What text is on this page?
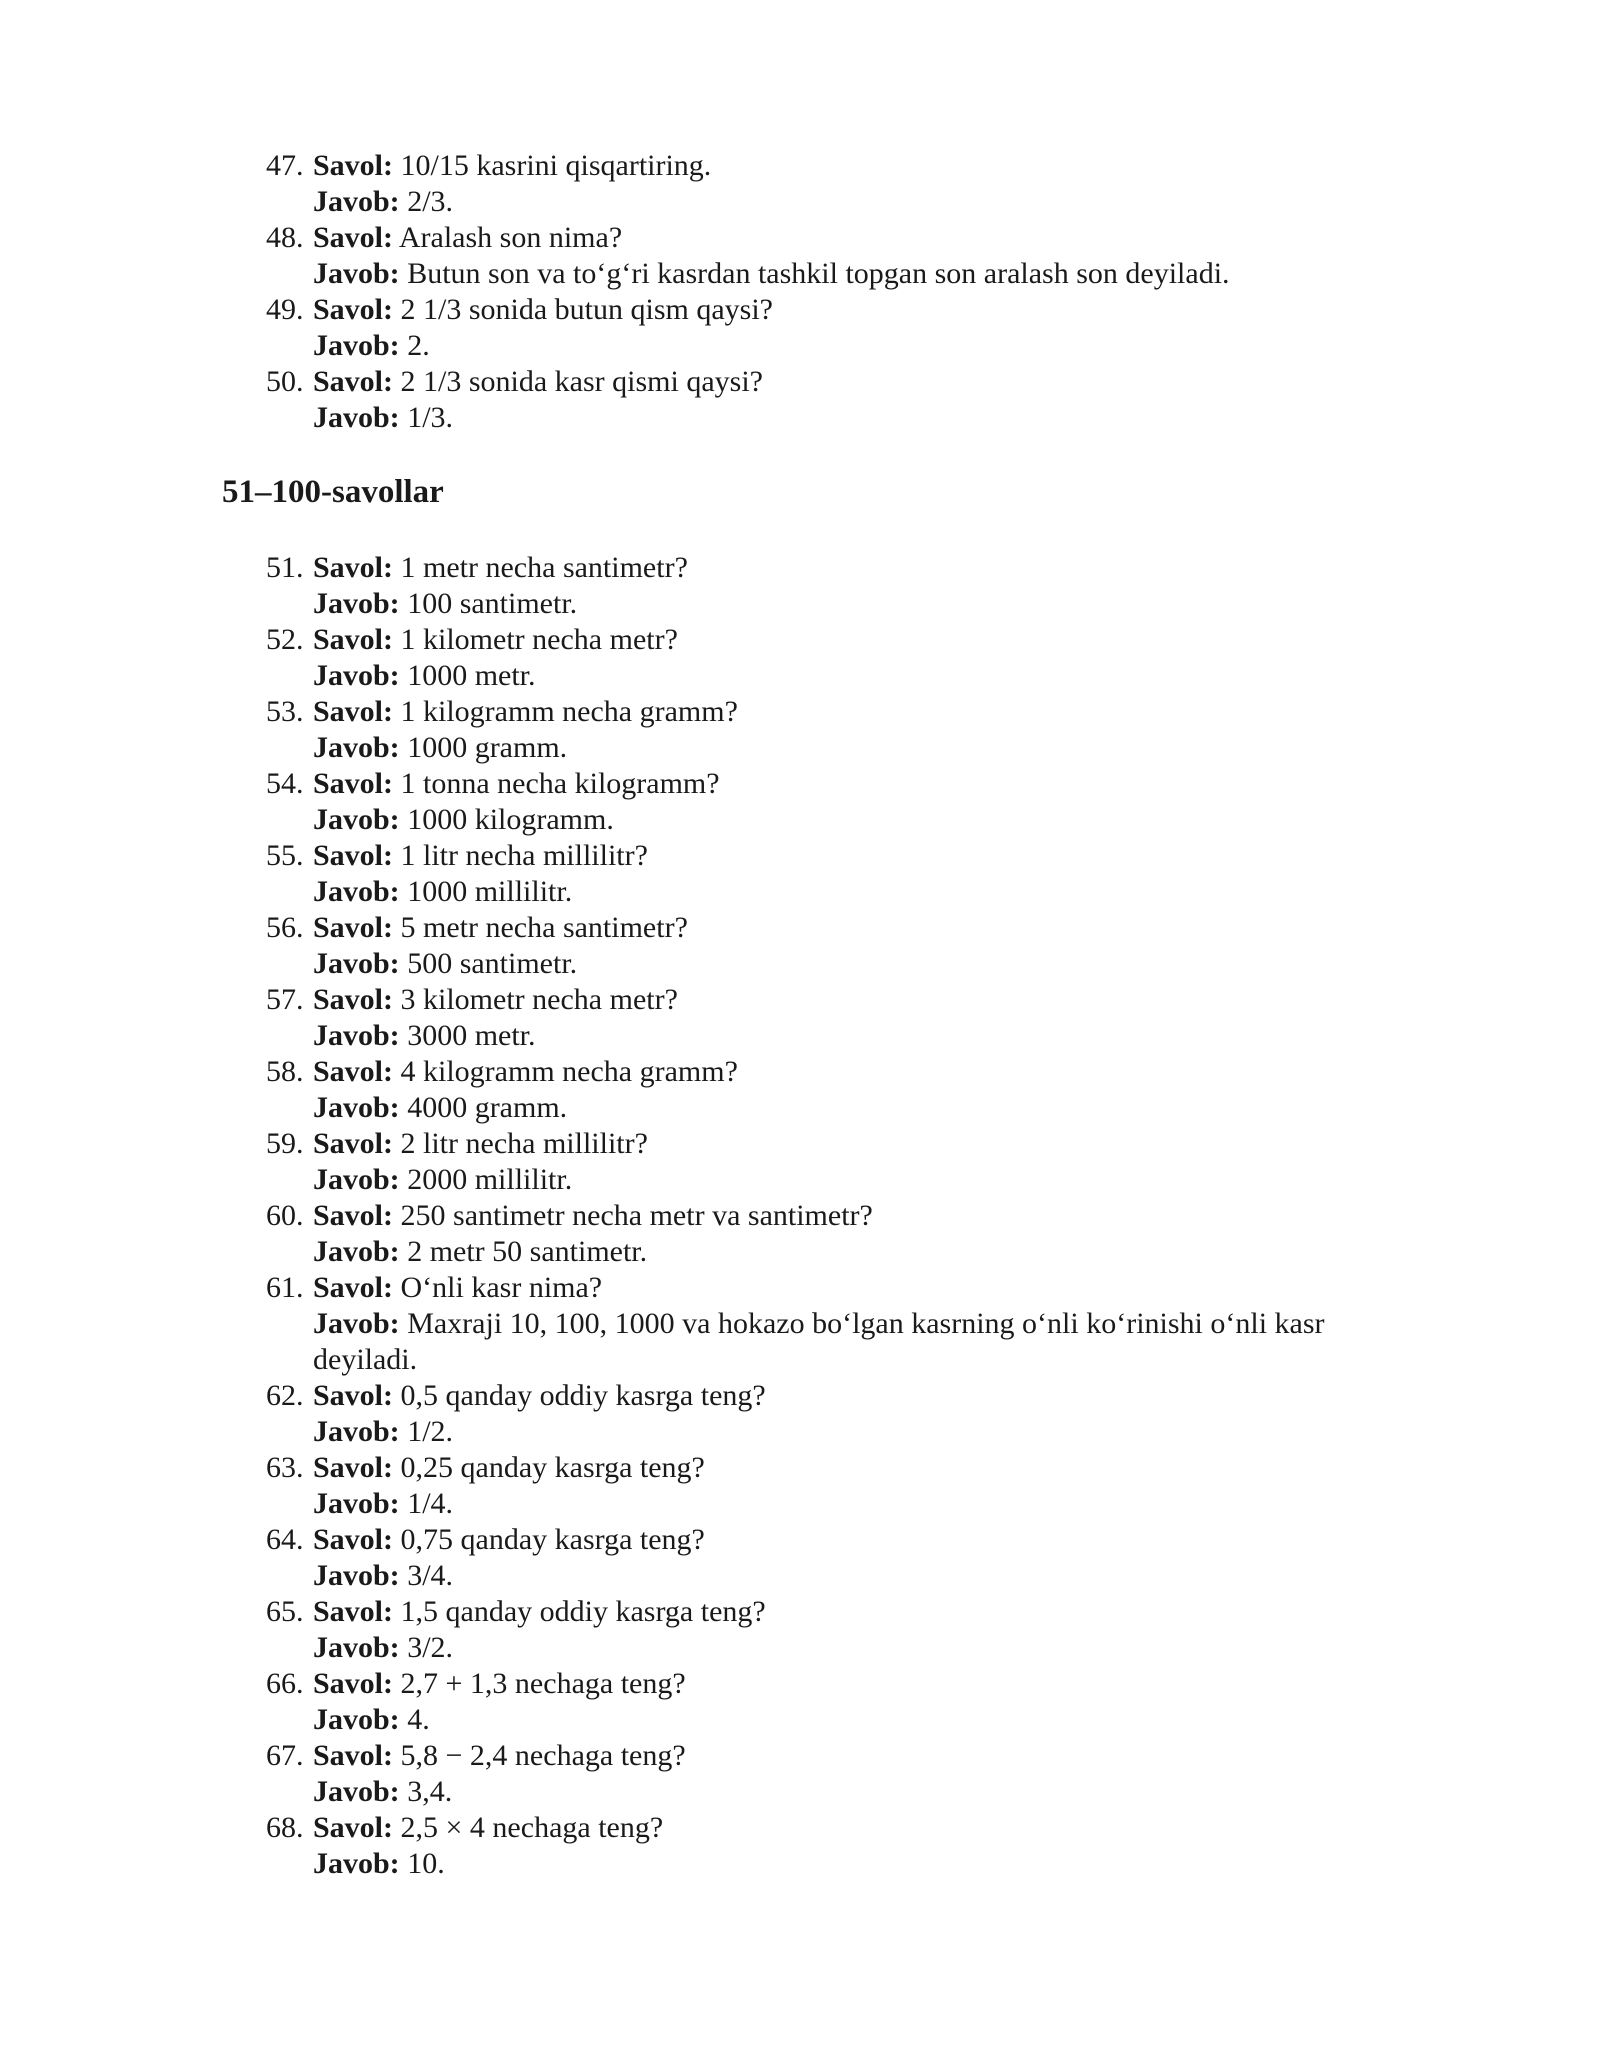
47. Savol: 10/15 kasrini qisqartiring.
Javob: 2/3.
48. Savol: Aralash son nima?
Javob: Butun son va to‘g‘ri kasrdan tashkil topgan son aralash son deyiladi.
49. Savol: 2 1/3 sonida butun qism qaysi?
Javob: 2.
50. Savol: 2 1/3 sonida kasr qismi qaysi?
Javob: 1/3.
51–100-savollar
51. Savol: 1 metr necha santimetr?
Javob: 100 santimetr.
52. Savol: 1 kilometr necha metr?
Javob: 1000 metr.
53. Savol: 1 kilogramm necha gramm?
Javob: 1000 gramm.
54. Savol: 1 tonna necha kilogramm?
Javob: 1000 kilogramm.
55. Savol: 1 litr necha millilitr?
Javob: 1000 millilitr.
56. Savol: 5 metr necha santimetr?
Javob: 500 santimetr.
57. Savol: 3 kilometr necha metr?
Javob: 3000 metr.
58. Savol: 4 kilogramm necha gramm?
Javob: 4000 gramm.
59. Savol: 2 litr necha millilitr?
Javob: 2000 millilitr.
60. Savol: 250 santimetr necha metr va santimetr?
Javob: 2 metr 50 santimetr.
61. Savol: O‘nli kasr nima?
Javob: Maxraji 10, 100, 1000 va hokazo bo‘lgan kasrning o‘nli ko‘rinishi o‘nli kasr deyiladi.
62. Savol: 0,5 qanday oddiy kasrga teng?
Javob: 1/2.
63. Savol: 0,25 qanday kasrga teng?
Javob: 1/4.
64. Savol: 0,75 qanday kasrga teng?
Javob: 3/4.
65. Savol: 1,5 qanday oddiy kasrga teng?
Javob: 3/2.
66. Savol: 2,7 + 1,3 nechaga teng?
Javob: 4.
67. Savol: 5,8 − 2,4 nechaga teng?
Javob: 3,4.
68. Savol: 2,5 × 4 nechaga teng?
Javob: 10.
